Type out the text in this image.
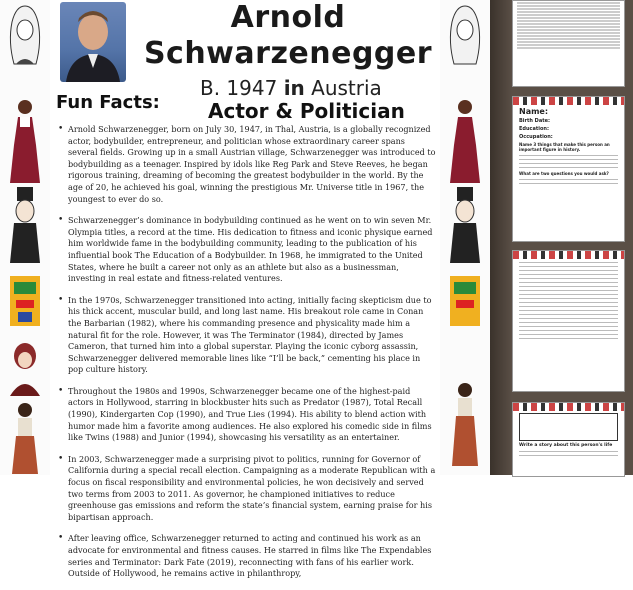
Arnold
Schwarzenegger
B. 1947 in Austria
Actor & Politician
Fun Facts:

• Arnold Schwarzenegger, born on July 30, 1947, in Thal, Austria, is a globally recognized actor, bodybuilder, entrepreneur, and politician whose extraordinary career spans several fields. Growing up in a small Austrian village, Schwarzenegger was introduced to bodybuilding as a teenager. Inspired by idols like Reg Park and Steve Reeves, he began rigorous training, dreaming of becoming the greatest bodybuilder in the world. By the age of 20, he achieved his goal, winning the prestigious Mr. Universe title in 1967, the youngest to ever do so.

• Schwarzenegger’s dominance in bodybuilding continued as he went on to win seven Mr. Olympia titles, a record at the time. His dedication to fitness and iconic physique earned him worldwide fame in the bodybuilding community, leading to the publication of his influential book The Education of a Bodybuilder. In 1968, he immigrated to the United States, where he built a career not only as an athlete but also as a businessman, investing in real estate and fitness-related ventures.

• In the 1970s, Schwarzenegger transitioned into acting, initially facing skepticism due to his thick accent, muscular build, and long last name. His breakout role came in Conan the Barbarian (1982), where his commanding presence and physicality made him a natural fit for the role. However, it was The Terminator (1984), directed by James Cameron, that turned him into a global superstar. Playing the iconic cyborg assassin, Schwarzenegger delivered memorable lines like “I’ll be back,” cementing his place in pop culture history.

• Throughout the 1980s and 1990s, Schwarzenegger became one of the highest-paid actors in Hollywood, starring in blockbuster hits such as Predator (1987), Total Recall (1990), Kindergarten Cop (1990), and True Lies (1994). His ability to blend action with humor made him a favorite among audiences. He also explored his comedic side in films like Twins (1988) and Junior (1994), showcasing his versatility as an entertainer.

• In 2003, Schwarzenegger made a surprising pivot to politics, running for Governor of California during a special recall election. Campaigning as a moderate Republican with a focus on fiscal responsibility and environmental policies, he won decisively and served two terms from 2003 to 2011. As governor, he championed initiatives to reduce greenhouse gas emissions and reform the state’s financial system, earning praise for his bipartisan approach.

• After leaving office, Schwarzenegger returned to acting and continued his work as an advocate for environmental and fitness causes. He starred in films like The Expendables series and Terminator: Dark Fate (2019), reconnecting with fans of his earlier work. Outside of Hollywood, he remains active in philanthropy,

Name:
Birth Date:
Education:
Occupation:
Name 3 things that make this person an important figure in history.
What are two questions you would ask?
Write a story about this person's life
